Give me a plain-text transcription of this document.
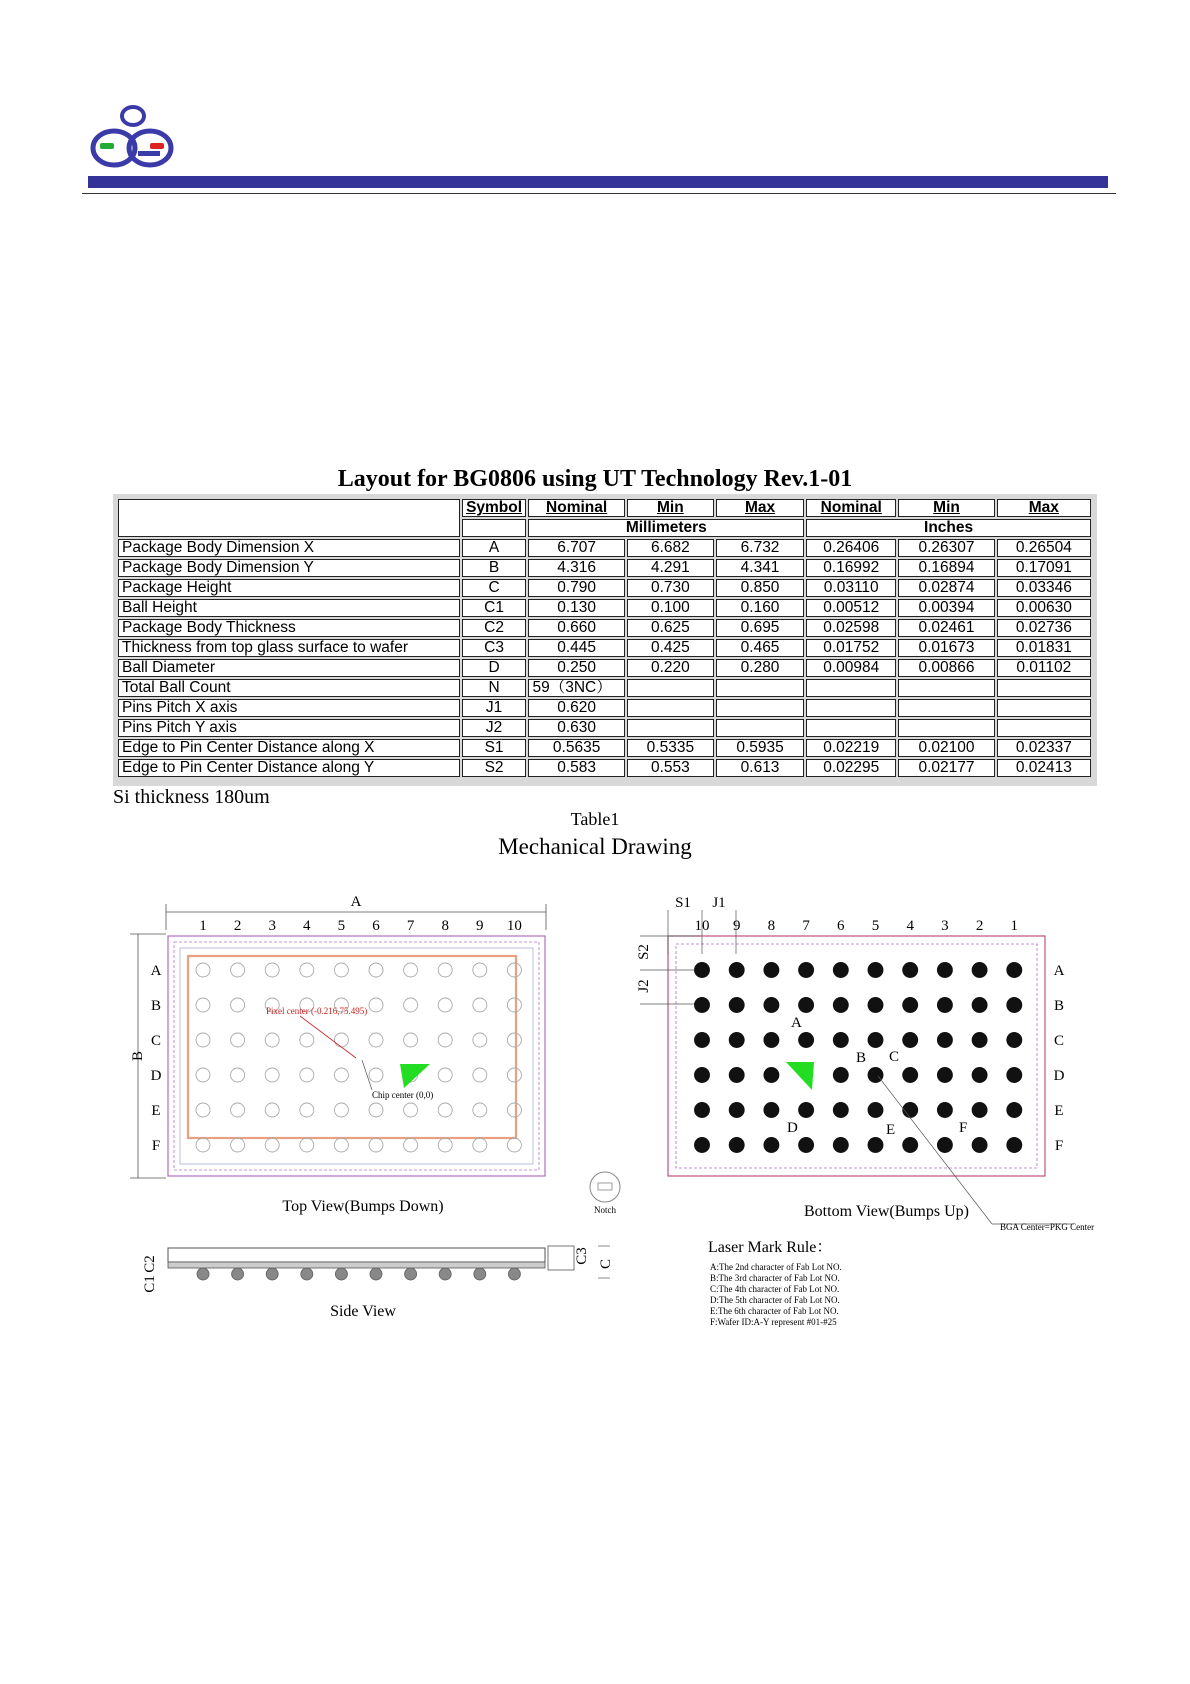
Layout for BG0806 using UT Technology Rev.1-01
	Symbol	Nominal	Min	Max	Nominal	Min	Max
		Millimeters			Inches		
Package Body Dimension X	A	6.707	6.682	6.732	0.26406	0.26307	0.26504
Package Body Dimension Y	B	4.316	4.291	4.341	0.16992	0.16894	0.17091
Package Height	C	0.790	0.730	0.850	0.03110	0.02874	0.03346
Ball Height	C1	0.130	0.100	0.160	0.00512	0.00394	0.00630
Package Body Thickness	C2	0.660	0.625	0.695	0.02598	0.02461	0.02736
Thickness from top glass surface to wafer	C3	0.445	0.425	0.465	0.01752	0.01673	0.01831
Ball Diameter	D	0.250	0.220	0.280	0.00984	0.00866	0.01102
Total Ball Count	N	59（3NC）					
Pins Pitch X axis	J1	0.620					
Pins Pitch Y axis	J2	0.630					
Edge to Pin Center Distance along X	S1	0.5635	0.5335	0.5935	0.02219	0.02100	0.02337
Edge to Pin Center Distance along Y	S2	0.583	0.553	0.613	0.02295	0.02177	0.02413
Si thickness 180um
Table1
Mechanical Drawing
A
B
1 2 3 4 5 6 7 8 9 10
A
B
C
D
E
F
Pixel center (-0.216,75.495)
Chip center (0,0)
Top View(Bumps Down)	Notch
S1 J1
S2
J2
10 9 8 7 6 5 4 3 2 1
A
B
C
D
E
F
A
B C
D	E	F
Bottom View(Bumps Up)
BGA Center=PKG Center
C2
C1
C3 C
Side View
Laser Mark Rule：
A:The 2nd character of Fab Lot NO.
B:The 3rd character of Fab Lot NO.
C:The 4th character of Fab Lot NO.
D:The 5th character of Fab Lot NO.
E:The 6th character of Fab Lot NO.
F:Wafer ID:A-Y represent #01-#25
